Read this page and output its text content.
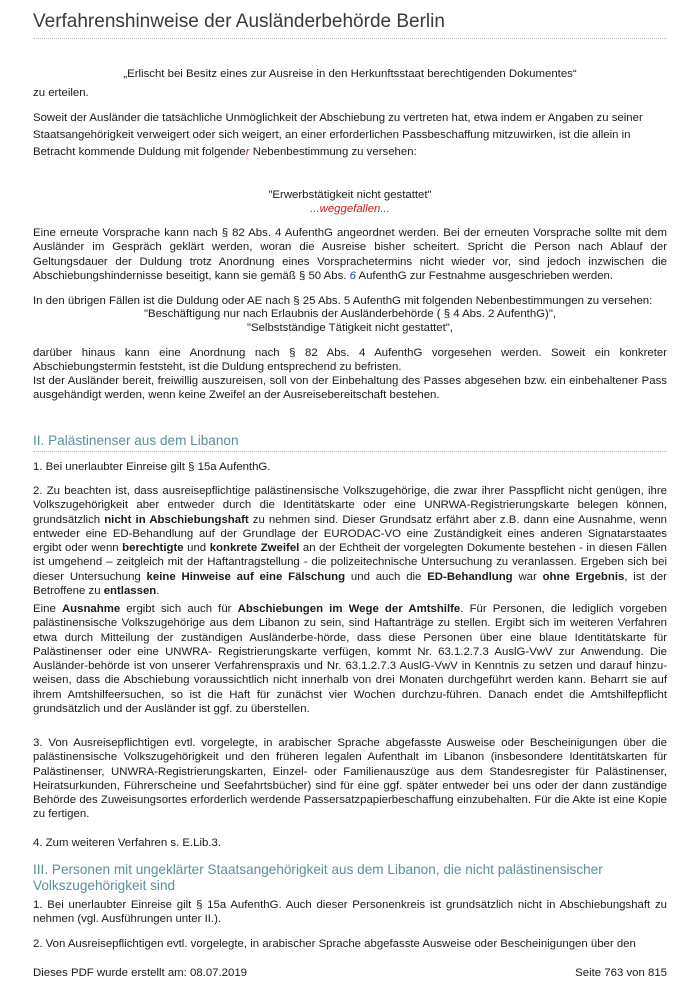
Verfahrenshinweise der Ausländerbehörde Berlin
„Erlischt bei Besitz eines zur Ausreise in den Herkunftsstaat berechtigenden Dokumentes“
zu erteilen.

Soweit der Ausländer die tatsächliche Unmöglichkeit der Abschiebung zu vertreten hat, etwa indem er Angaben zu seiner Staatsangehörigkeit verweigert oder sich weigert, an einer erforderlichen Passbeschaffung mitzuwirken, ist die allein in Betracht kommende Duldung mit folgender Nebenbestimmung zu versehen:

"Erwerbstätigkeit nicht gestattet"
...weggefallen...

Eine erneute Vorsprache kann nach § 82 Abs. 4 AufenthG angeordnet werden. Bei der erneuten Vorsprache sollte mit dem Ausländer im Gespräch geklärt werden, woran die Ausreise bisher scheitert. Spricht die Person nach Ablauf der Geltungsdauer der Duldung trotz Anordnung eines Vorsprachetermins nicht wieder vor, sind jedoch inzwischen die Abschiebungshindernisse beseitigt, kann sie gemäß § 50 Abs. 6 AufenthG zur Festnahme ausgeschrieben werden.

In den übrigen Fällen ist die Duldung oder AE nach § 25 Abs. 5 AufenthG mit folgenden Nebenbestimmungen zu versehen:
"Beschäftigung nur nach Erlaubnis der Ausländerbehörde ( § 4 Abs. 2 AufenthG)",
"Selbstständige Tätigkeit nicht gestattet",

darüber hinaus kann eine Anordnung nach § 82 Abs. 4 AufenthG vorgesehen werden. Soweit ein konkreter Abschiebungstermin feststeht, ist die Duldung entsprechend zu befristen.

Ist der Ausländer bereit, freiwillig auszureisen, soll von der Einbehaltung des Passes abgesehen bzw. ein einbehaltener Pass ausgehändigt werden, wenn keine Zweifel an der Ausreisebereitschaft bestehen.

II. Palästinenser aus dem Libanon
1. Bei unerlaubter Einreise gilt § 15a AufenthG.

2. Zu beachten ist, dass ausreisepflichtige palästinensische Volkszugehörige, die zwar ihrer Passpflicht nicht genügen, ihre Volkszugehörigkeit aber entweder durch die Identitätskarte oder eine UNRWA-Registrierungskarte belegen können, grundsätzlich nicht in Abschiebungshaft zu nehmen sind. Dieser Grundsatz erfährt aber z.B. dann eine Ausnahme, wenn entweder eine ED-Behandlung auf der Grundlage der EURODAC-VO eine Zuständigkeit eines anderen Signatarstaates ergibt oder wenn berechtigte und konkrete Zweifel an der Echtheit der vorgelegten Dokumente bestehen - in diesen Fällen ist umgehend – zeitgleich mit der Haftantragstellung - die polizeitechnische Untersuchung zu veranlassen. Ergeben sich bei dieser Untersuchung keine Hinweise auf eine Fälschung und auch die ED-Behandlung war ohne Ergebnis, ist der Betroffene zu entlassen.

Eine Ausnahme ergibt sich auch für Abschiebungen im Wege der Amtshilfe. Für Personen, die lediglich vorgeben palästinensische Volkszugehörige aus dem Libanon zu sein, sind Haftanträge zu stellen. Ergibt sich im weiteren Verfahren etwa durch Mitteilung der zuständigen Ausländerbe-hörde, dass diese Personen über eine blaue Identitätskarte für Palästinenser oder eine UNWRA- Registrierungskarte verfügen, kommt Nr. 63.1.2.7.3 AuslG-VwV zur Anwendung. Die Ausländer-behörde ist von unserer Verfahrenspraxis und Nr. 63.1.2.7.3 AuslG-VwV in Kenntnis zu setzen und darauf hinzu-weisen, dass die Abschiebung voraussichtlich nicht innerhalb von drei Monaten durchgeführt werden kann. Beharrt sie auf ihrem Amtshilfeersuchen, so ist die Haft für zunächst vier Wochen durchzu-führen. Danach endet die Amtshilfepflicht grundsätzlich und der Ausländer ist ggf. zu überstellen.

3. Von Ausreisepflichtigen evtl. vorgelegte, in arabischer Sprache abgefasste Ausweise oder Bescheinigungen über die palästinensische Volkszugehörigkeit und den früheren legalen Aufenthalt im Libanon (insbesondere Identitätskarten für Palästinenser, UNWRA-Registrierungskarten, Einzel- oder Familienauszüge aus dem Standesregister für Palästinenser, Heiratsurkunden, Führerscheine und Seefahrtsbücher) sind für eine ggf. später entweder bei uns oder der dann zuständige Behörde des Zuweisungsortes erforderlich werdende Passersatzpapierbeschaffung einzubehalten. Für die Akte ist eine Kopie zu fertigen.

4. Zum weiteren Verfahren s. E.Lib.3.
III. Personen mit ungeklärter Staatsangehörigkeit aus dem Libanon, die nicht palästinensischer Volkszugehörigkeit sind

1. Bei unerlaubter Einreise gilt § 15a AufenthG. Auch dieser Personenkreis ist grundsätzlich nicht in Abschiebungshaft zu nehmen (vgl. Ausführungen unter II.).

2. Von Ausreisepflichtigen evtl. vorgelegte, in arabischer Sprache abgefasste Ausweise oder Bescheinigungen über den

Dieses PDF wurde erstellt am: 08.07.2019	Seite 763 von 815
